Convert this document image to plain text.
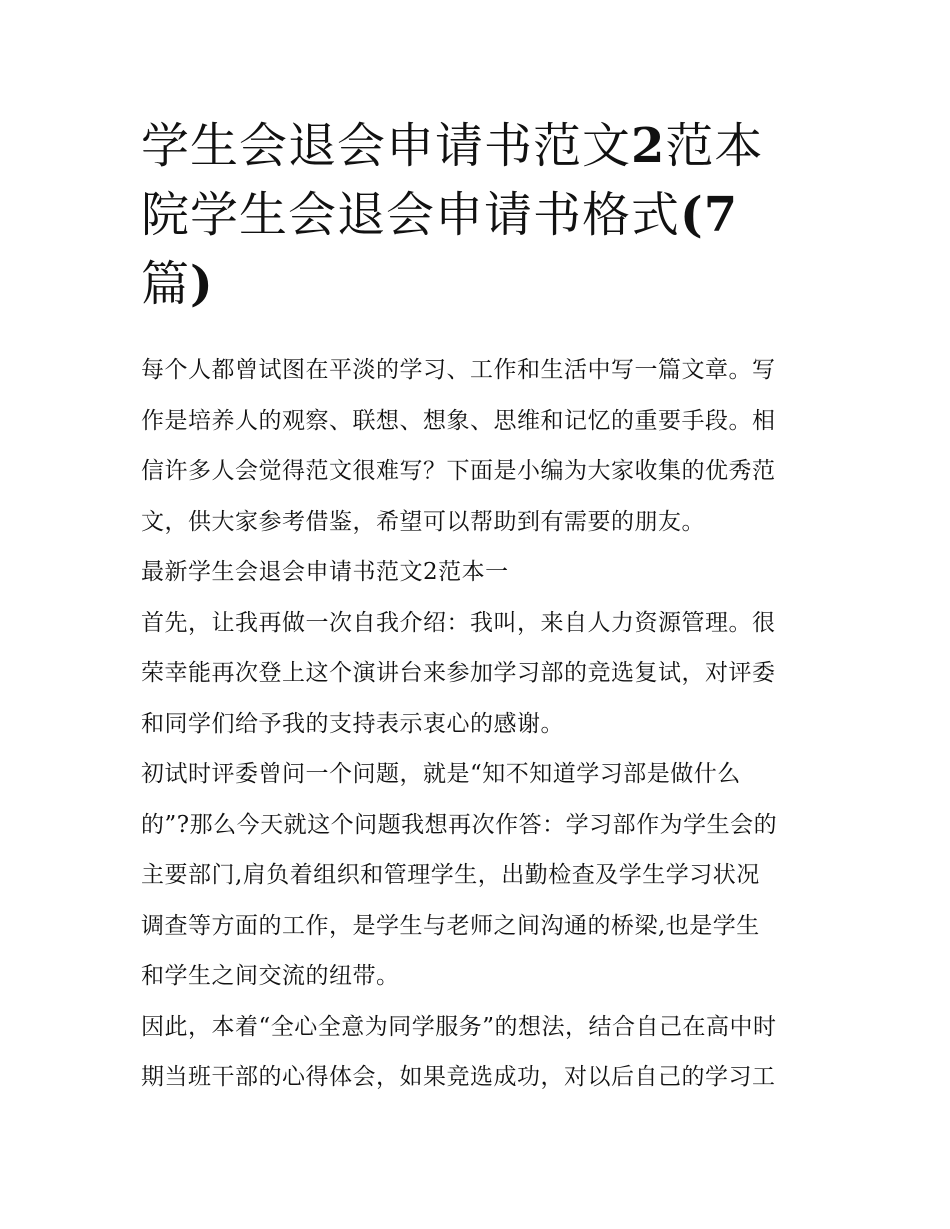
学生会退会申请书范文2范本
院学生会退会申请书格式(7
篇)
每个人都曾试图在平淡的学习、工作和生活中写一篇文章。写
作是培养人的观察、联想、想象、思维和记忆的重要手段。相
信许多人会觉得范文很难写？下面是小编为大家收集的优秀范
文，供大家参考借鉴，希望可以帮助到有需要的朋友。
最新学生会退会申请书范文2范本一
首先，让我再做一次自我介绍：我叫，来自人力资源管理。很
荣幸能再次登上这个演讲台来参加学习部的竞选复试，对评委
和同学们给予我的支持表示衷心的感谢。
初试时评委曾问一个问题，就是“知不知道学习部是做什么
的”?那么今天就这个问题我想再次作答：学习部作为学生会的
主要部门,肩负着组织和管理学生，出勤检查及学生学习状况
调查等方面的工作，是学生与老师之间沟通的桥梁,也是学生
和学生之间交流的纽带。
因此，本着“全心全意为同学服务”的想法，结合自己在高中时
期当班干部的心得体会，如果竞选成功，对以后自己的学习工
